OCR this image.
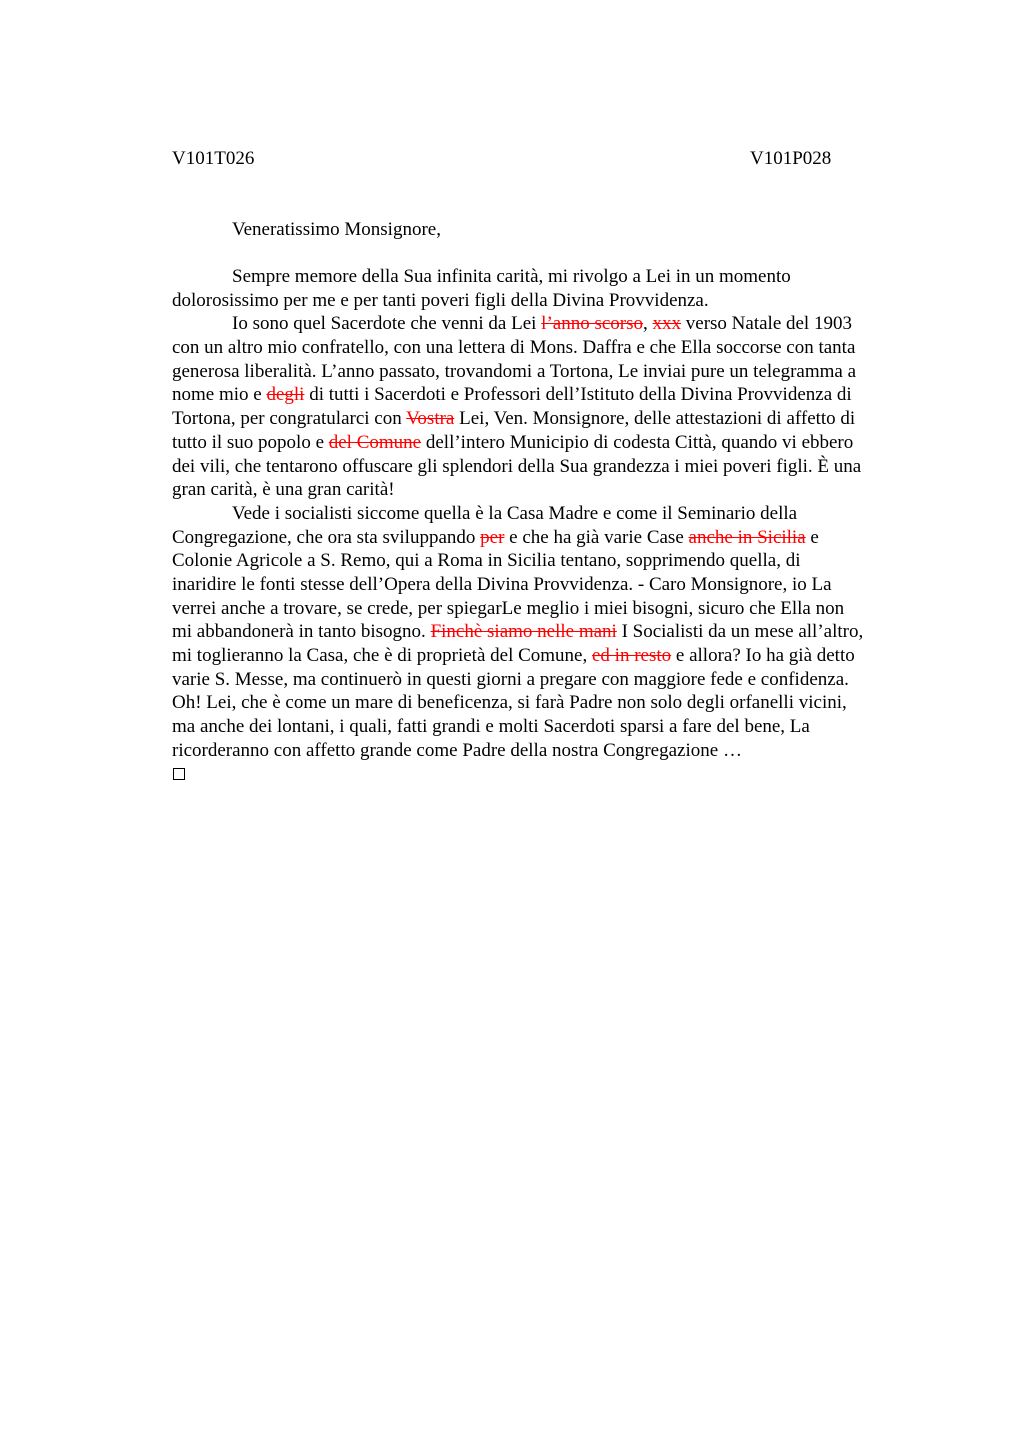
V101T026	V101P028
Veneratissimo Monsignore,
Sempre memore della Sua infinita carità, mi rivolgo a Lei in un momento
dolorosissimo per me e per tanti poveri figli della Divina Provvidenza.
Io sono quel Sacerdote che venni da Lei l’anno scorso, xxx verso Natale del 1903
con un altro mio confratello, con una lettera di Mons. Daffra e che Ella soccorse con tanta
generosa liberalità. L’anno passato, trovandomi a Tortona, Le inviai pure un telegramma a
nome mio e degli di tutti i Sacerdoti e Professori dell’Istituto della Divina Provvidenza di
Tortona, per congratularci con Vostra Lei, Ven. Monsignore, delle attestazioni di affetto di
tutto il suo popolo e del Comune dell’intero Municipio di codesta Città, quando vi ebbero
dei vili, che tentarono offuscare gli splendori della Sua grandezza i miei poveri figli. È una
gran carità, è una gran carità!
Vede i socialisti siccome quella è la Casa Madre e come il Seminario della
Congregazione, che ora sta sviluppando per e che ha già varie Case anche in Sicilia e
Colonie Agricole a S. Remo, qui a Roma in Sicilia tentano, sopprimendo quella, di
inaridire le fonti stesse dell’Opera della Divina Provvidenza. - Caro Monsignore, io La
verrei anche a trovare, se crede, per spiegarLe meglio i miei bisogni, sicuro che Ella non
mi abbandonerà in tanto bisogno. Finchè siamo nelle mani I Socialisti da un mese all’altro,
mi toglieranno la Casa, che è di proprietà del Comune, ed in resto e allora? Io ha già detto
varie S. Messe, ma continuerò in questi giorni a pregare con maggiore fede e confidenza.
Oh! Lei, che è come un mare di beneficenza, si farà Padre non solo degli orfanelli vicini,
ma anche dei lontani, i quali, fatti grandi e molti Sacerdoti sparsi a fare del bene, La
ricorderanno con affetto grande come Padre della nostra Congregazione …
